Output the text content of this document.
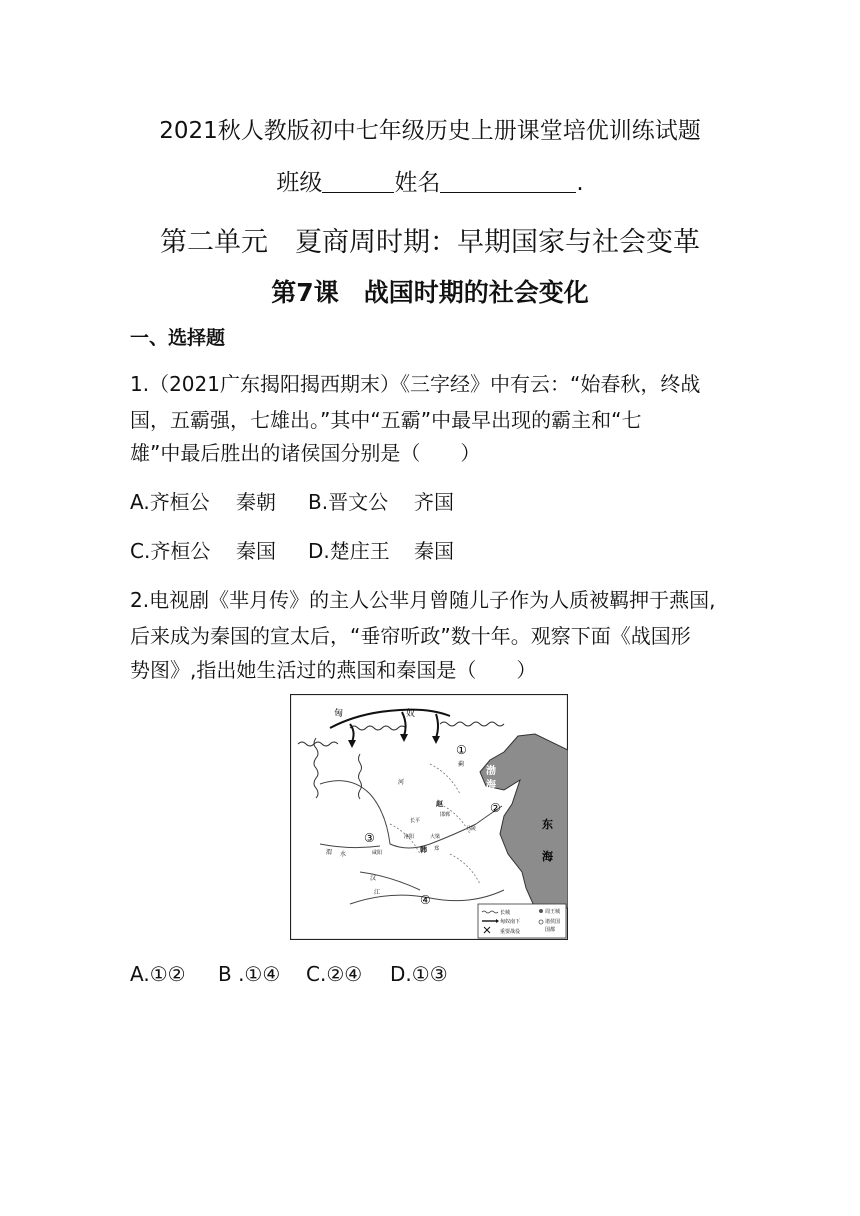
2021秋人教版初中七年级历史上册课堂培优训练试题
班级	姓名	.
第二单元　夏商周时期：早期国家与社会变革
第7课　战国时期的社会变化
一、选择题
1.（2021广东揭阳揭西期末）《三字经》中有云：“始春秋，终战
国，五霸强，七雄出。”其中“五霸”中最早出现的霸主和“七
雄”中最后胜出的诸侯国分别是（　　）
A.齐桓公 秦朝 B.晋文公 齐国
C.齐桓公 秦国 D.楚庄王 秦国
2.电视剧《芈月传》的主人公芈月曾随儿子作为人质被羁押于燕国,
后来成为秦国的宣太后，“垂帘听政”数十年。观察下面《战国形
势图》,指出她生活过的燕国和秦国是（　　）
匈	奴
渤
海
东
海
①
②
③
④
蓟
赵
邯郸
长平
河
洛阳	大梁
韩 郑
咸阳
渭 水
马陵
汉
江
长城
匈奴南下
重要战役
周王城
诸侯国
国都
A.①② B .①④ C.②④ D.①③
